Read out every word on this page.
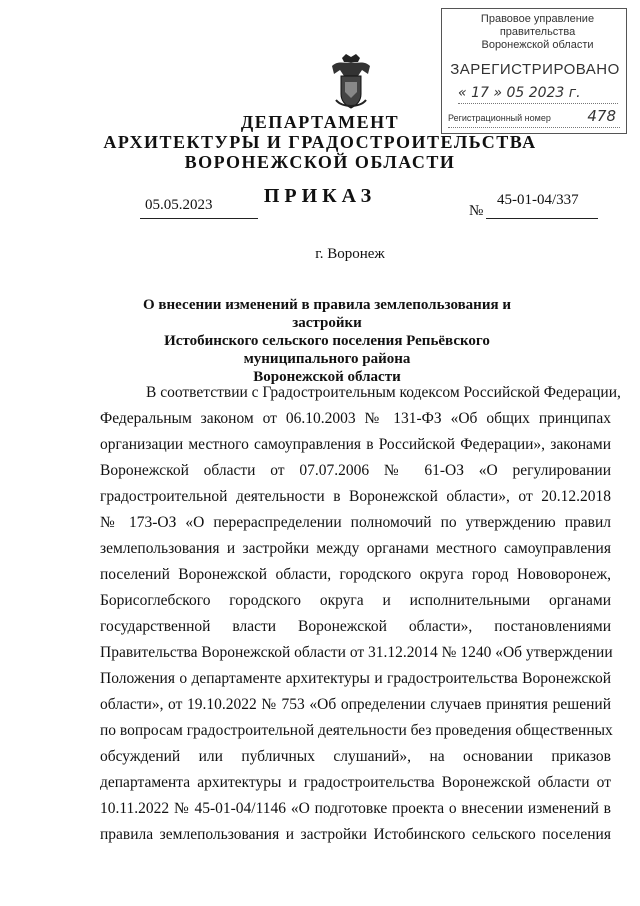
Правовое управление правительства
Воронежской области
ЗАРЕГИСТРИРОВАНО
« 17 » 05 2023 г.
Регистрационный номер 478
ДЕПАРТАМЕНТ
АРХИТЕКТУРЫ И ГРАДОСТРОИТЕЛЬСТВА
ВОРОНЕЖСКОЙ ОБЛАСТИ
ПРИКАЗ
05.05.2023	№
45-01-04/337
г. Воронеж
О внесении изменений в правила землепользования и застройки
Истобинского сельского поселения Репьёвского муниципального района
Воронежской области
В соответствии с Градостроительным кодексом Российской Федерации,
Федеральным законом от 06.10.2003 № 131-ФЗ «Об общих принципах
организации местного самоуправления в Российской Федерации», законами
Воронежской области от 07.07.2006 № 61-ОЗ «О регулировании
градостроительной деятельности в Воронежской области», от 20.12.2018
№ 173-ОЗ «О перераспределении полномочий по утверждению правил
землепользования и застройки между органами местного самоуправления
поселений Воронежской области, городского округа город Нововоронеж,
Борисоглебского городского округа и исполнительными органами
государственной власти Воронежской области», постановлениями
Правительства Воронежской области от 31.12.2014 № 1240 «Об утверждении
Положения о департаменте архитектуры и градостроительства Воронежской
области», от 19.10.2022 № 753 «Об определении случаев принятия решений
по вопросам градостроительной деятельности без проведения общественных
обсуждений или публичных слушаний», на основании приказов
департамента архитектуры и градостроительства Воронежской области от
10.11.2022 № 45-01-04/1146 «О подготовке проекта о внесении изменений в
правила землепользования и застройки Истобинского сельского поселения
